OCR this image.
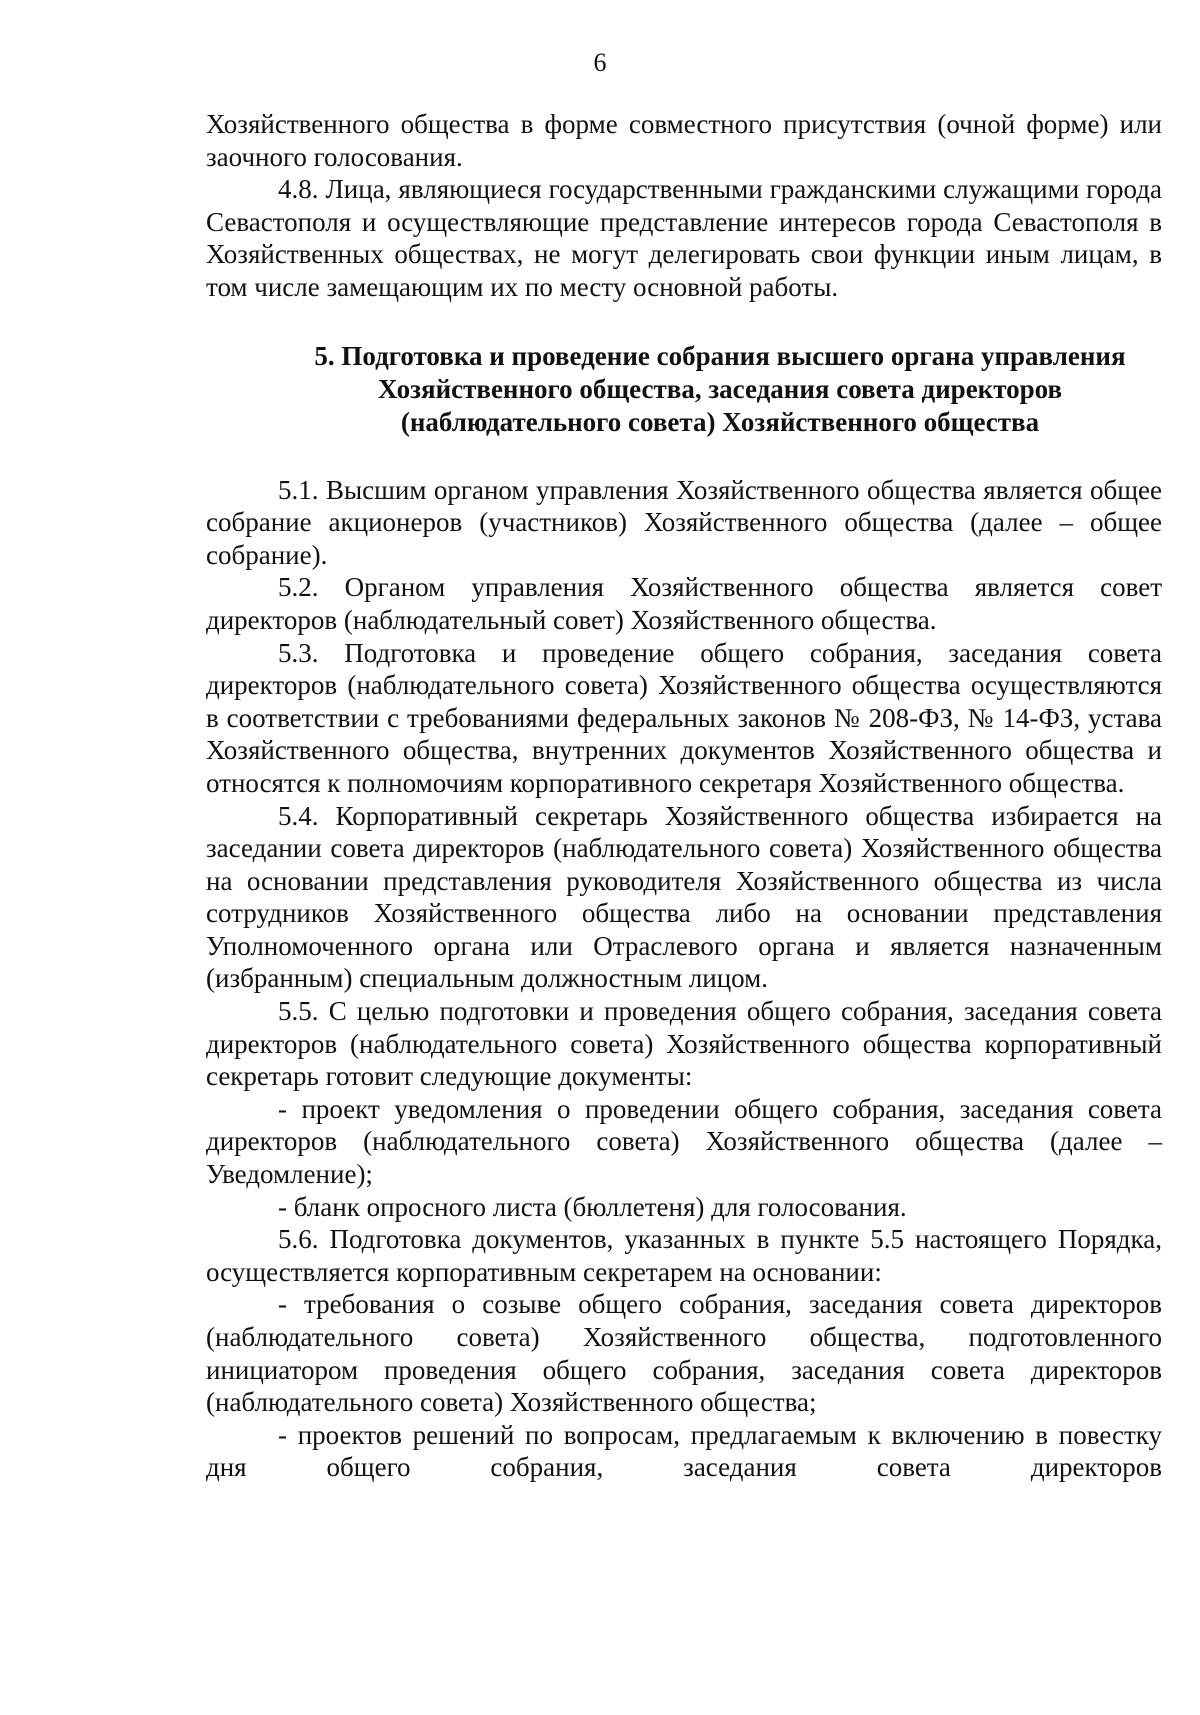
6

Хозяйственного общества в форме совместного присутствия (очной форме) или заочного голосования.

4.8. Лица, являющиеся государственными гражданскими служащими города Севастополя и осуществляющие представление интересов города Севастополя в Хозяйственных обществах, не могут делегировать свои функции иным лицам, в том числе замещающим их по месту основной работы.

5. Подготовка и проведение собрания высшего органа управления
Хозяйственного общества, заседания совета директоров
(наблюдательного совета) Хозяйственного общества

5.1. Высшим органом управления Хозяйственного общества является общее собрание акционеров (участников) Хозяйственного общества (далее – общее собрание).

5.2. Органом управления Хозяйственного общества является совет директоров (наблюдательный совет) Хозяйственного общества.

5.3. Подготовка и проведение общего собрания, заседания совета директоров (наблюдательного совета) Хозяйственного общества осуществляются в соответствии с требованиями федеральных законов № 208-ФЗ, № 14-ФЗ, устава Хозяйственного общества, внутренних документов Хозяйственного общества и относятся к полномочиям корпоративного секретаря Хозяйственного общества.

5.4. Корпоративный секретарь Хозяйственного общества избирается на заседании совета директоров (наблюдательного совета) Хозяйственного общества на основании представления руководителя Хозяйственного общества из числа сотрудников Хозяйственного общества либо на основании представления Уполномоченного органа или Отраслевого органа и является назначенным (избранным) специальным должностным лицом.

5.5. С целью подготовки и проведения общего собрания, заседания совета директоров (наблюдательного совета) Хозяйственного общества корпоративный секретарь готовит следующие документы:

- проект уведомления о проведении общего собрания, заседания совета директоров (наблюдательного совета) Хозяйственного общества (далее – Уведомление);

- бланк опросного листа (бюллетеня) для голосования.

5.6. Подготовка документов, указанных в пункте 5.5 настоящего Порядка, осуществляется корпоративным секретарем на основании:

- требования о созыве общего собрания, заседания совета директоров (наблюдательного совета) Хозяйственного общества, подготовленного инициатором проведения общего собрания, заседания совета директоров (наблюдательного совета) Хозяйственного общества;

- проектов решений по вопросам, предлагаемым к включению в повестку дня общего собрания, заседания совета директоров
